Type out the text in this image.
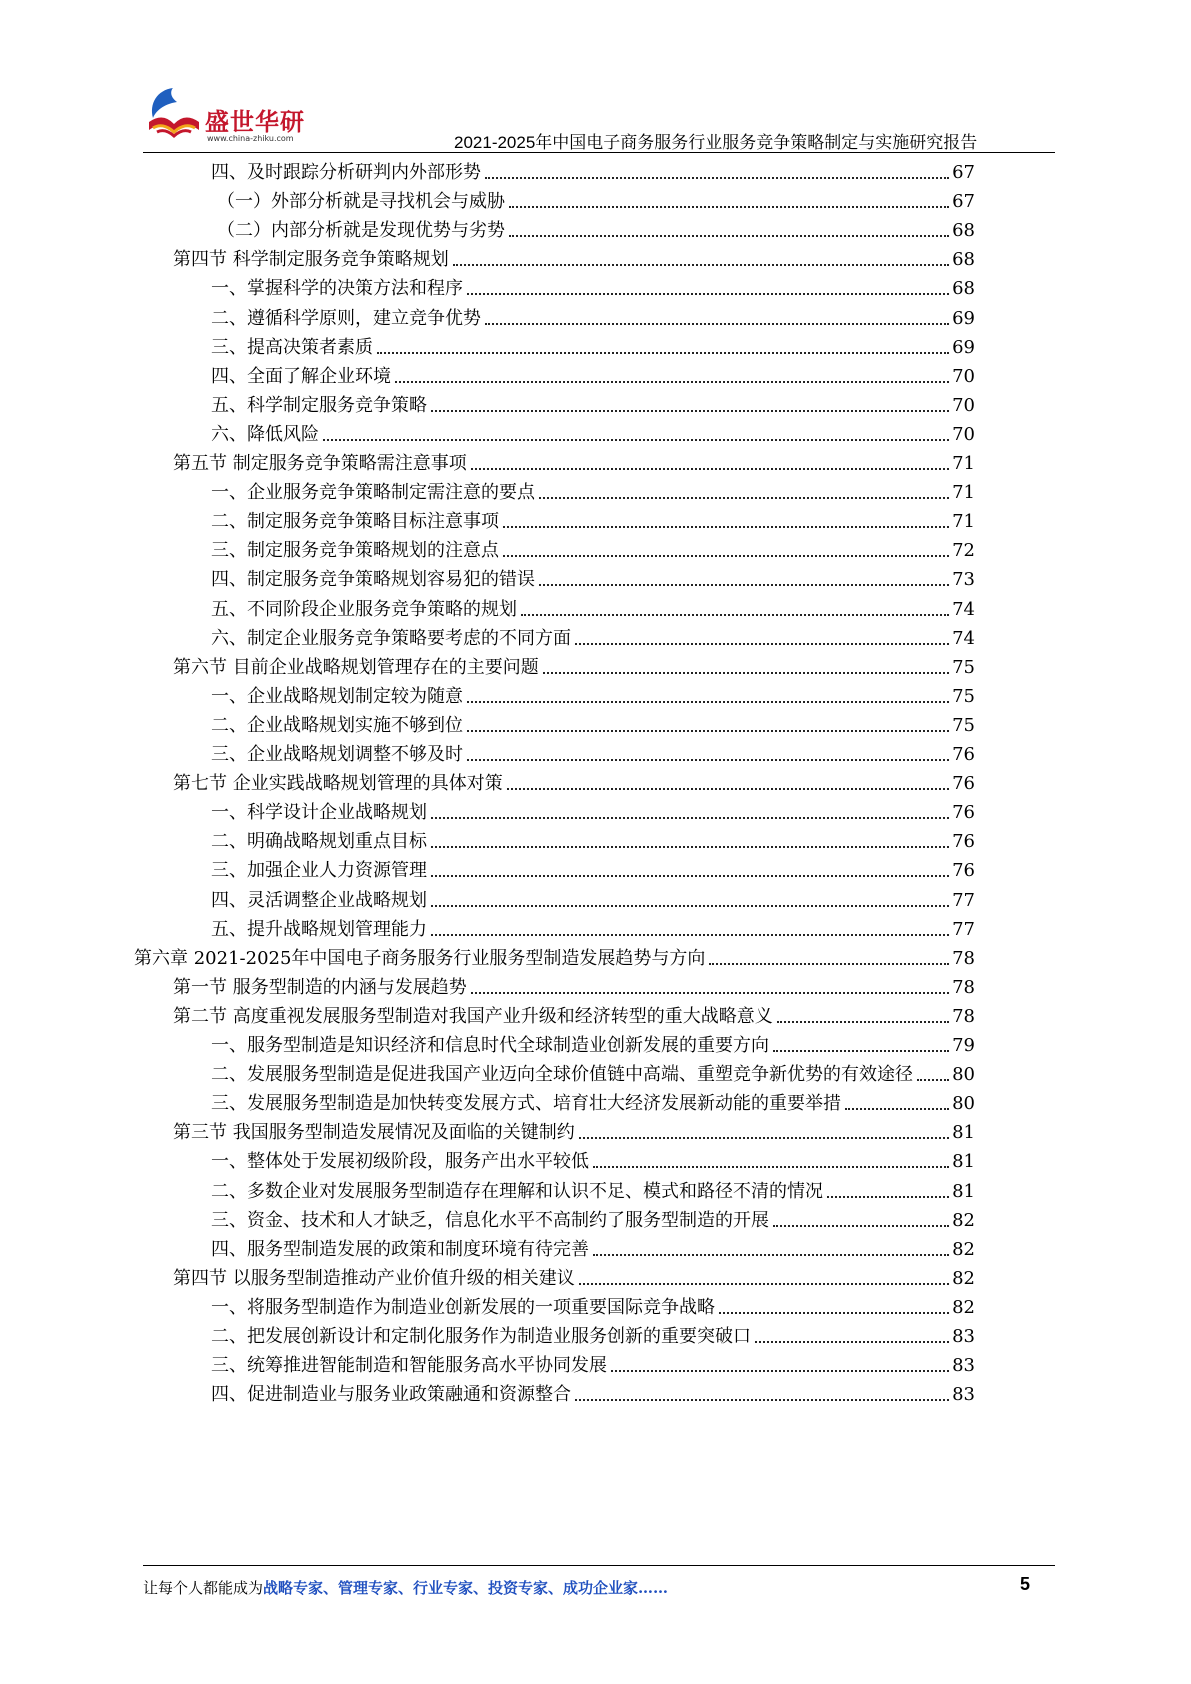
盛世华研
www.china-zhiku.com	2021-2025年中国电子商务服务行业服务竞争策略制定与实施研究报告
四、及时跟踪分析研判内外部形势	67
（一）外部分析就是寻找机会与威胁	67
（二）内部分析就是发现优势与劣势	68
第四节 科学制定服务竞争策略规划	68
一、掌握科学的决策方法和程序	68
二、遵循科学原则，建立竞争优势	69
三、提高决策者素质	69
四、全面了解企业环境	70
五、科学制定服务竞争策略	70
六、降低风险	70
第五节 制定服务竞争策略需注意事项	71
一、企业服务竞争策略制定需注意的要点	71
二、制定服务竞争策略目标注意事项	71
三、制定服务竞争策略规划的注意点	72
四、制定服务竞争策略规划容易犯的错误	73
五、不同阶段企业服务竞争策略的规划	74
六、制定企业服务竞争策略要考虑的不同方面	74
第六节 目前企业战略规划管理存在的主要问题	75
一、企业战略规划制定较为随意	75
二、企业战略规划实施不够到位	75
三、企业战略规划调整不够及时	76
第七节 企业实践战略规划管理的具体对策	76
一、科学设计企业战略规划	76
二、明确战略规划重点目标	76
三、加强企业人力资源管理	76
四、灵活调整企业战略规划	77
五、提升战略规划管理能力	77
第六章 2021-2025年中国电子商务服务行业服务型制造发展趋势与方向	78
第一节 服务型制造的内涵与发展趋势	78
第二节 高度重视发展服务型制造对我国产业升级和经济转型的重大战略意义	78
一、服务型制造是知识经济和信息时代全球制造业创新发展的重要方向	79
二、发展服务型制造是促进我国产业迈向全球价值链中高端、重塑竞争新优势的有效途径 80
三、发展服务型制造是加快转变发展方式、培育壮大经济发展新动能的重要举措	80
第三节 我国服务型制造发展情况及面临的关键制约	81
一、整体处于发展初级阶段，服务产出水平较低	81
二、多数企业对发展服务型制造存在理解和认识不足、模式和路径不清的情况	81
三、资金、技术和人才缺乏，信息化水平不高制约了服务型制造的开展	82
四、服务型制造发展的政策和制度环境有待完善	82
第四节 以服务型制造推动产业价值升级的相关建议	82
一、将服务型制造作为制造业创新发展的一项重要国际竞争战略	82
二、把发展创新设计和定制化服务作为制造业服务创新的重要突破口	83
三、统筹推进智能制造和智能服务高水平协同发展	83
四、促进制造业与服务业政策融通和资源整合	83
让每个人都能成为战略专家、管理专家、行业专家、投资专家、成功企业家……	5
